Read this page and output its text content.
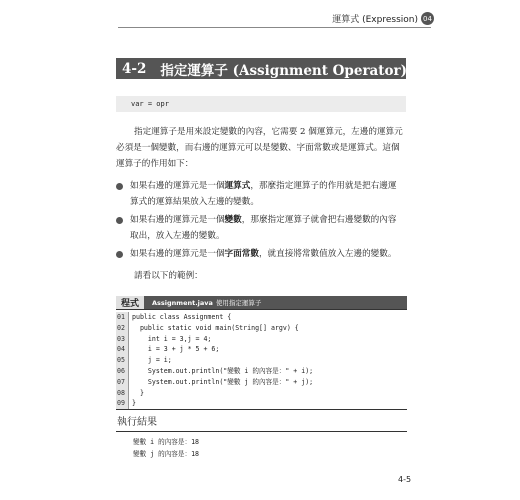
運算式 (Expression) 04
4-2 指定運算子 (Assignment Operator)
var = opr

指定運算子是用來設定變數的內容，它需要 2 個運算元，左邊的運算元

必須是一個變數，而右邊的運算元可以是變數、字面常數或是運算式。這個

運算子的作用如下：

如果右邊的運算元是一個運算式，那麼指定運算子的作用就是把右邊運
算式的運算結果放入左邊的變數。
如果右邊的運算元是一個變數，那麼指定運算子就會把右邊變數的內容
取出，放入左邊的變數。
如果右邊的運算元是一個字面常數，就直接將常數值放入左邊的變數。
請看以下的範例：
程式	Assignment.java 使用指定運算子
01	public class Assignment {
02	public static void main(String[] argv) {
03	int i = 3,j = 4;
04	i = 3 + j * 5 + 6;
05	j = i;
06	System.out.println("變數 i 的內容是：" + i);
07	System.out.println("變數 j 的內容是：" + j);
08	}
09	}
執行結果
變數 i 的內容是：18
變數 j 的內容是：18
4-5
